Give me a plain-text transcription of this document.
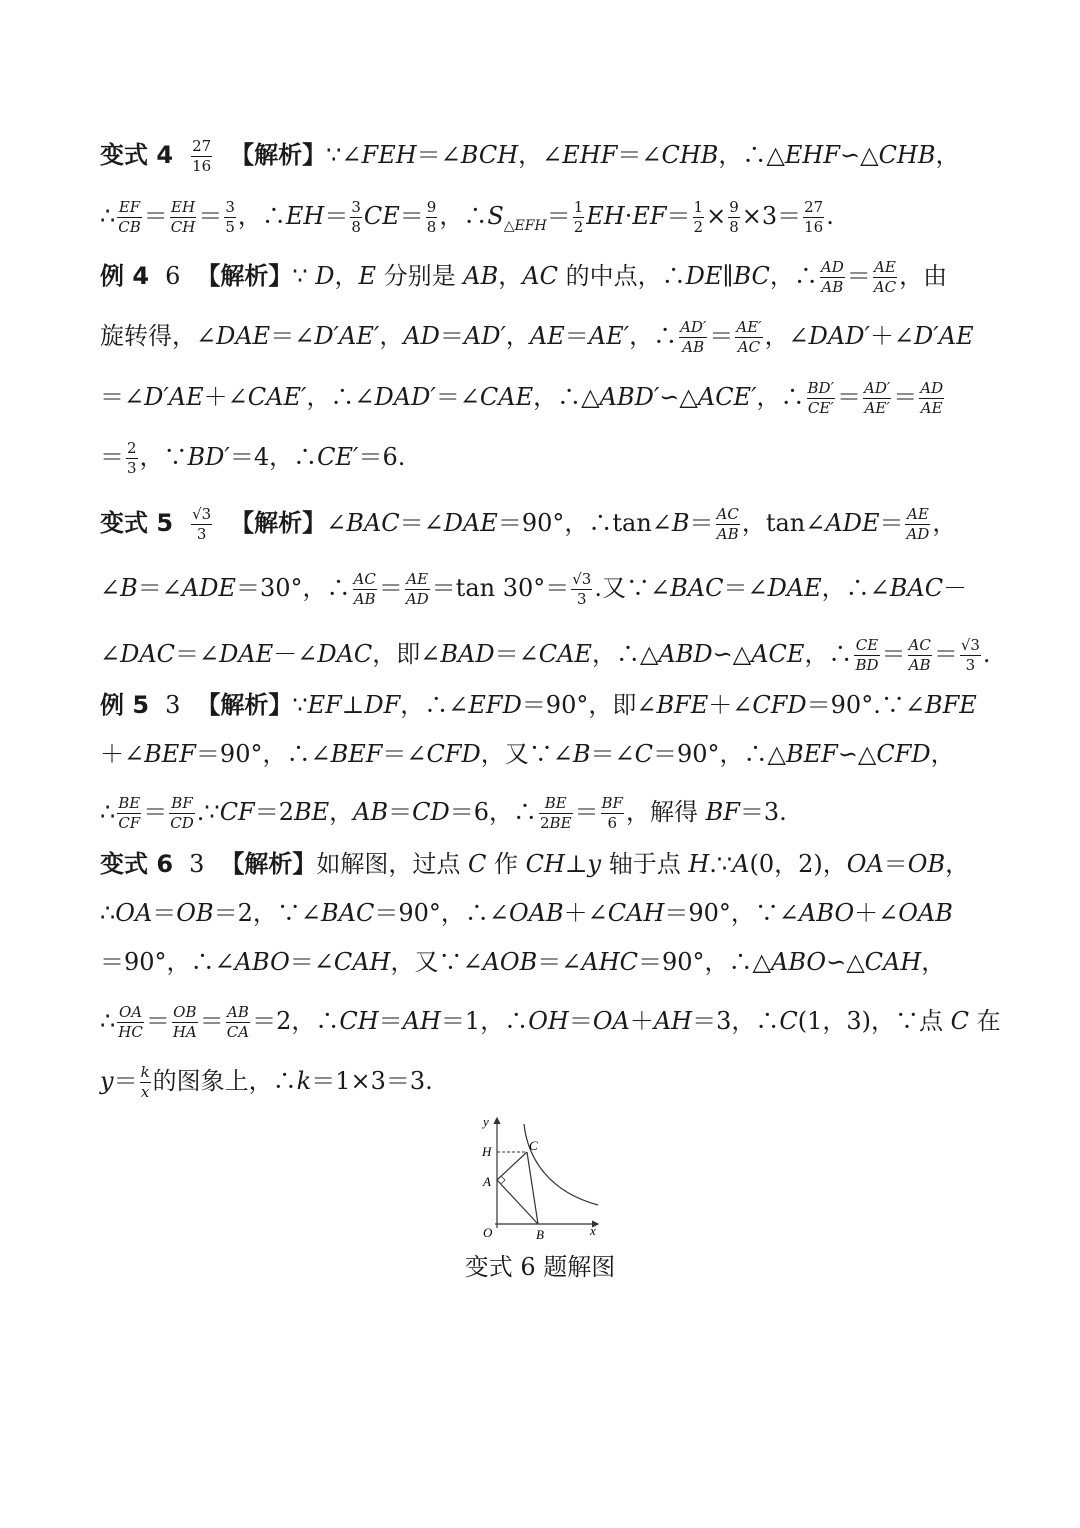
变式 $4 \frac{27}{16}$ 【解析】∵∠FEH＝∠BCH，∠EHF＝∠CHB，∴△EHF∽△CHB，
∴ $\frac{EF}{CB} = \frac{EH}{CH} = \frac{3}{5}$ ，∴EH＝ $\frac{3}{8} CE= \frac{9}{8}$ ，$\therefore S_{\triangle EFH}= \frac{1}{2} EH\cdot EF= \frac{1}{2} \times \frac{9}{8} \times 3= \frac{27}{16}$ .
例 4 6 【解析】∵ D，E 分别是 AB，AC 的中点，∴DE∥BC，∴ $\frac{AD}{AB} = \frac{AE}{AC}$ ，由
旋转得，∠DAE＝∠D′AE′，AD＝AD′，AE＝AE′，∴ $\frac{AD'}{AB} = \frac{AE'}{AC}$ ，∠DAD′＋∠D′AE
＝∠D′AE＋∠CAE′，∴∠DAD′＝∠CAE，∴△ABD′∽△ACE′，∴ $\frac{BD'}{CE'} = \frac{AD'}{AE'} = \frac{AD}{AE}$
＝ $\frac{2}{3}$ ，∵BD′＝4，∴CE′＝6.
变式 $5 \frac{√3}{3}$ 【解析】∠BAC＝∠DAE＝90°，∴tan∠B＝ $\frac{AC}{AB}$ ，tan∠ADE＝ $\frac{AE}{AD}$ ，
∠B＝∠ADE＝30°，∴ $\frac{AC}{AB} = \frac{AE}{AD} =\tan$ $30^\circ= \frac{√3}{3}$ .又∵∠BAC＝∠DAE，∴∠BAC－
∠DAC＝∠DAE－∠DAC，即∠BAD＝∠CAE，∴△ABD∽△ACE，∴ $\frac{CE}{BD} = \frac{AC}{AB} = \frac{√3}{3}$ .
例 5 3 【解析】∵EF⊥DF，∴∠EFD＝90°，即∠BFE＋∠CFD＝90°.∵∠BFE
＋∠BEF＝90°，∴∠BEF＝∠CFD，又∵∠B＝∠C＝90°，∴△BEF∽△CFD，
∴ $\frac{BE}{CF} = \frac{BF}{CD}$ .∵CF＝2BE，AB＝CD＝6，∴ $\frac{BE}{2BE} = \frac{BF}{6}$ ，解得 BF＝3.
变式 6 3 【解析】如解图，过点 C 作 CH⊥y 轴于点 H.∵A(0，2)，OA＝OB，
∴OA＝OB＝2，∵∠BAC＝90°，∴∠OAB＋∠CAH＝90°，∵∠ABO＋∠OAB
＝90°，∴∠ABO＝∠CAH，又∵∠AOB＝∠AHC＝90°，∴△ABO∽△CAH，
∴ $\frac{OA}{HC} = \frac{OB}{HA} = \frac{AB}{CA} =2$，∴CH＝AH＝1，∴OH＝OA＋AH＝3，∴C(1，3)，∵点 C 在
$y= \frac{k}{x}$ 的图象上，∴k＝1×3＝3.
y
H	C
A
O	B	x
变式 6 题解图
